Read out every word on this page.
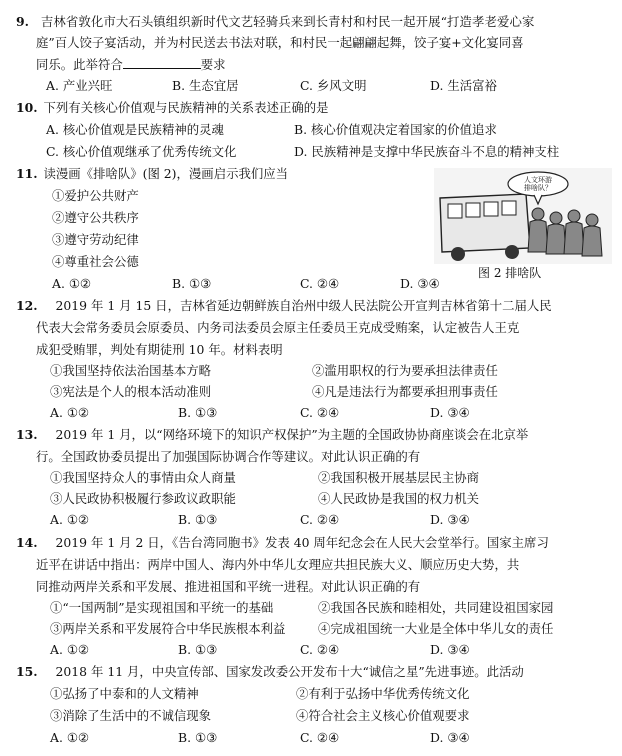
9. 吉林省敦化市大石头镇组织新时代文艺轻骑兵来到长青村和村民一起开展“打造孝老爱心家
庭”百人饺子宴活动，并为村民送去书法对联，和村民一起翩翩起舞，饺子宴+文化宴同喜
同乐。此举符合	要求
A. 产业兴旺	B. 生态宜居	C. 乡风文明	D. 生活富裕
10. 下列有关核心价值观与民族精神的关系表述正确的是
A. 核心价值观是民族精神的灵魂	B. 核心价值观决定着国家的价值追求
C. 核心价值观继承了优秀传统文化	D. 民族精神是支撑中华民族奋斗不息的精神支柱
11. 读漫画《排啥队》(图 2)，漫画启示我们应当
①爱护公共财产
②遵守公共秩序
③遵守劳动纪律
④尊重社会公德
A. ①②	B. ①③	C. ②④	D. ③④
人文环游
排啥队？
图 2 排啥队
12. 2019 年 1 月 15 日，吉林省延边朝鲜族自治州中级人民法院公开宣判吉林省第十二届人民
代表大会常务委员会原委员、内务司法委员会原主任委员王克成受贿案，认定被告人王克
成犯受贿罪，判处有期徒刑 10 年。材料表明
①我国坚持依法治国基本方略	②滥用职权的行为要承担法律责任
③宪法是个人的根本活动准则	④凡是违法行为都要承担刑事责任
A. ①②	B. ①③	C. ②④	D. ③④
13. 2019 年 1 月，以“网络环境下的知识产权保护”为主题的全国政协协商座谈会在北京举
行。全国政协委员提出了加强国际协调合作等建议。对此认识正确的有
①我国坚持众人的事情由众人商量	②我国积极开展基层民主协商
③人民政协积极履行参政议政职能	④人民政协是我国的权力机关
A. ①②	B. ①③	C. ②④	D. ③④
14. 2019 年 1 月 2 日，《告台湾同胞书》发表 40 周年纪念会在人民大会堂举行。国家主席习
近平在讲话中指出：两岸中国人、海内外中华儿女理应共担民族大义、顺应历史大势，共
同推动两岸关系和平发展、推进祖国和平统一进程。对此认识正确的有
①“一国两制”是实现祖国和平统一的基础	②我国各民族和睦相处，共同建设祖国家园
③两岸关系和平发展符合中华民族根本利益	④完成祖国统一大业是全体中华儿女的责任
A. ①②	B. ①③	C. ②④	D. ③④
15. 2018 年 11 月，中央宣传部、国家发改委公开发布十大“诚信之星”先进事迹。此活动
①弘扬了中泰和的人文精神	②有利于弘扬中华优秀传统文化
③消除了生活中的不诚信现象	④符合社会主义核心价值观要求
A. ①②	B. ①③	C. ②④	D. ③④
